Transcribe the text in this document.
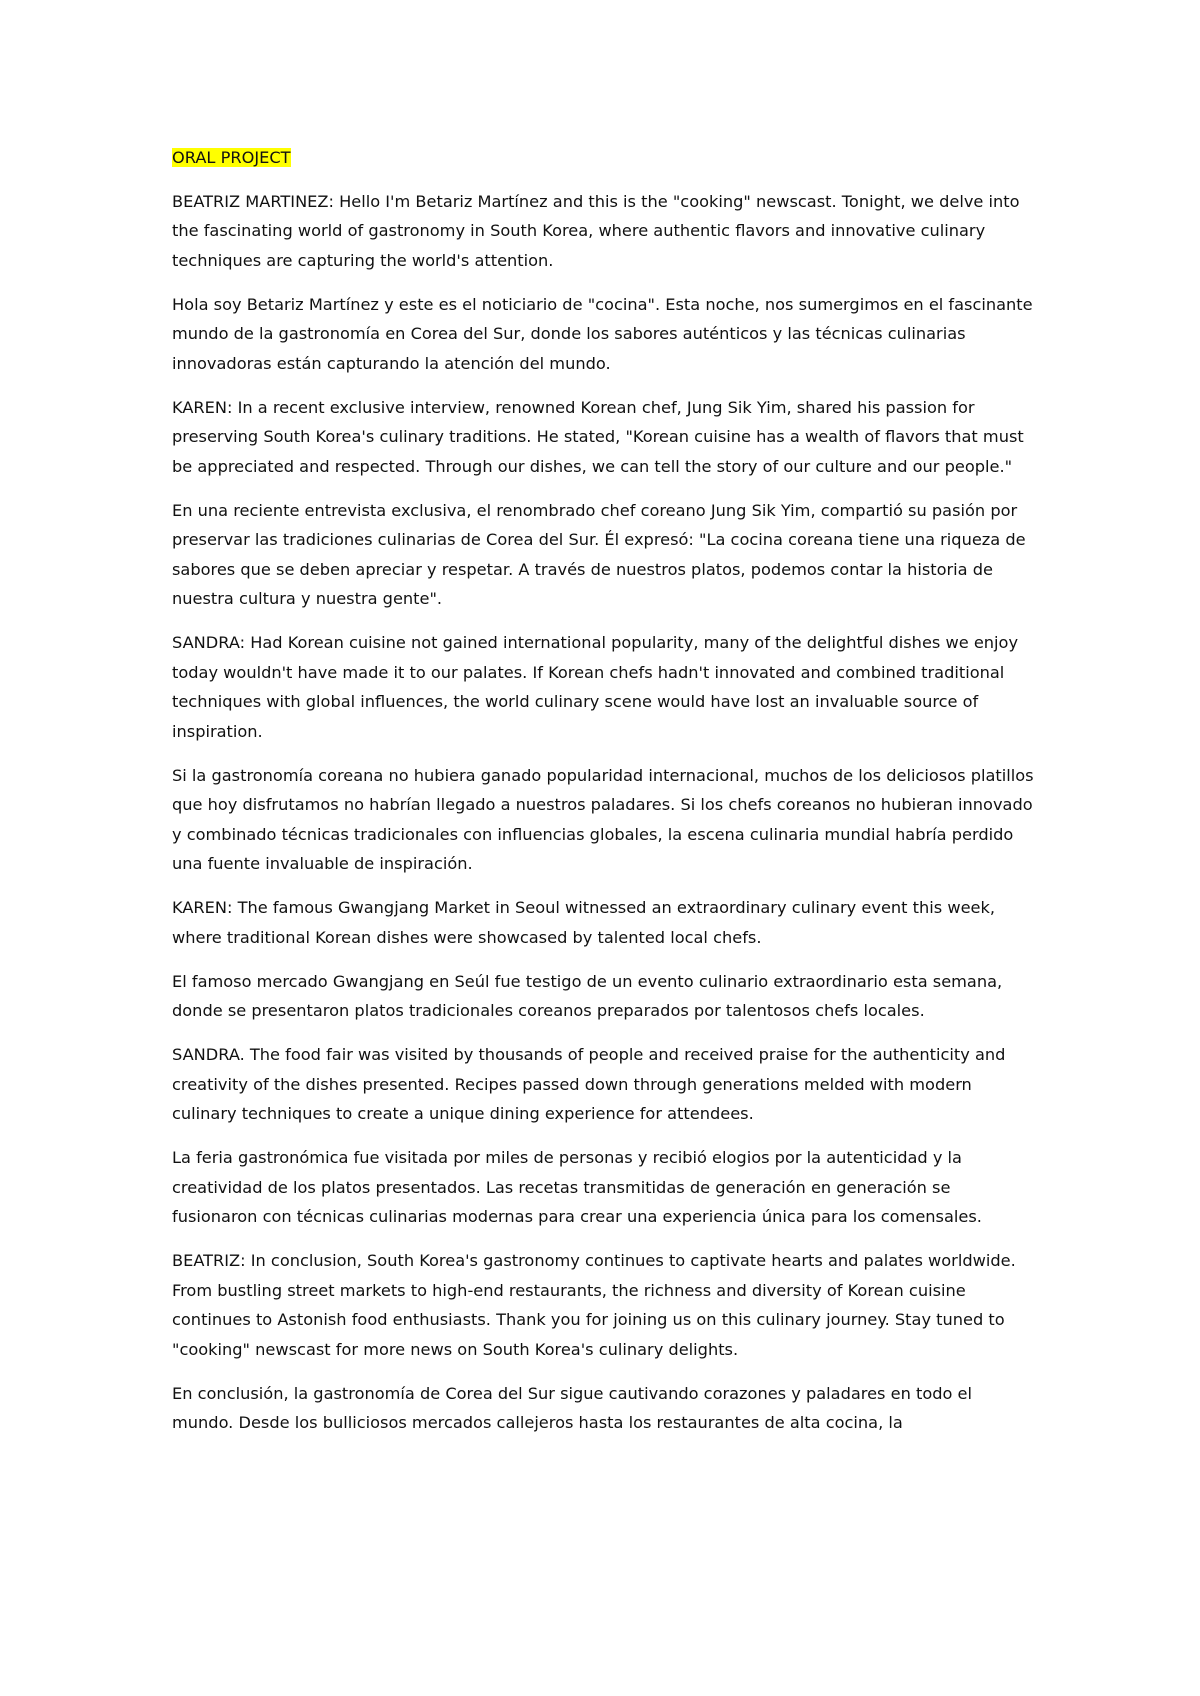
ORAL PROJECT

BEATRIZ MARTINEZ: Hello I'm Betariz Martínez and this is the "cooking" newscast. Tonight, we delve into the fascinating world of gastronomy in South Korea, where authentic flavors and innovative culinary techniques are capturing the world's attention.

Hola soy Betariz Martínez y este es el noticiario de "cocina". Esta noche, nos sumergimos en el fascinante mundo de la gastronomía en Corea del Sur, donde los sabores auténticos y las técnicas culinarias innovadoras están capturando la atención del mundo.

KAREN: In a recent exclusive interview, renowned Korean chef, Jung Sik Yim, shared his passion for preserving South Korea's culinary traditions. He stated, "Korean cuisine has a wealth of flavors that must be appreciated and respected. Through our dishes, we can tell the story of our culture and our people."

En una reciente entrevista exclusiva, el renombrado chef coreano Jung Sik Yim, compartió su pasión por preservar las tradiciones culinarias de Corea del Sur. Él expresó: "La cocina coreana tiene una riqueza de sabores que se deben apreciar y respetar. A través de nuestros platos, podemos contar la historia de nuestra cultura y nuestra gente".

SANDRA: Had Korean cuisine not gained international popularity, many of the delightful dishes we enjoy today wouldn't have made it to our palates. If Korean chefs hadn't innovated and combined traditional techniques with global influences, the world culinary scene would have lost an invaluable source of inspiration.

Si la gastronomía coreana no hubiera ganado popularidad internacional, muchos de los deliciosos platillos que hoy disfrutamos no habrían llegado a nuestros paladares. Si los chefs coreanos no hubieran innovado y combinado técnicas tradicionales con influencias globales, la escena culinaria mundial habría perdido una fuente invaluable de inspiración.

KAREN: The famous Gwangjang Market in Seoul witnessed an extraordinary culinary event this week, where traditional Korean dishes were showcased by talented local chefs.

El famoso mercado Gwangjang en Seúl fue testigo de un evento culinario extraordinario esta semana, donde se presentaron platos tradicionales coreanos preparados por talentosos chefs locales.

SANDRA. The food fair was visited by thousands of people and received praise for the authenticity and creativity of the dishes presented. Recipes passed down through generations melded with modern culinary techniques to create a unique dining experience for attendees.

La feria gastronómica fue visitada por miles de personas y recibió elogios por la autenticidad y la creatividad de los platos presentados. Las recetas transmitidas de generación en generación se fusionaron con técnicas culinarias modernas para crear una experiencia única para los comensales.

BEATRIZ: In conclusion, South Korea's gastronomy continues to captivate hearts and palates worldwide. From bustling street markets to high-end restaurants, the richness and diversity of Korean cuisine continues to Astonish food enthusiasts. Thank you for joining us on this culinary journey. Stay tuned to "cooking" newscast for more news on South Korea's culinary delights.

En conclusión, la gastronomía de Corea del Sur sigue cautivando corazones y paladares en todo el mundo. Desde los bulliciosos mercados callejeros hasta los restaurantes de alta cocina, la
